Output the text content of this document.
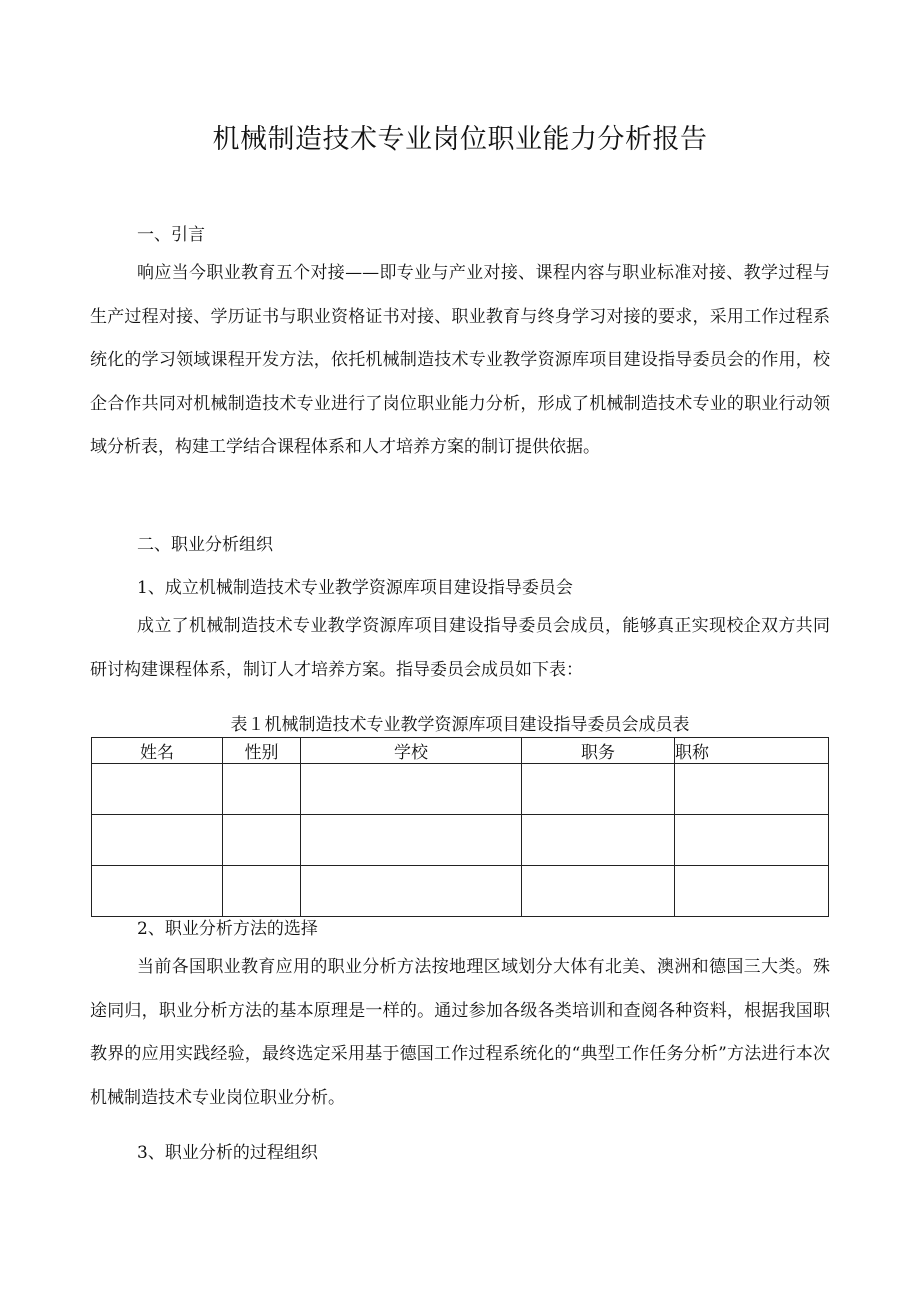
机械制造技术专业岗位职业能力分析报告

一、引言

响应当今职业教育五个对接——即专业与产业对接、课程内容与职业标准对接、教学过程与生产过程对接、学历证书与职业资格证书对接、职业教育与终身学习对接的要求，采用工作过程系统化的学习领域课程开发方法，依托机械制造技术专业教学资源库项目建设指导委员会的作用，校企合作共同对机械制造技术专业进行了岗位职业能力分析，形成了机械制造技术专业的职业行动领域分析表，构建工学结合课程体系和人才培养方案的制订提供依据。

二、职业分析组织

1、成立机械制造技术专业教学资源库项目建设指导委员会

成立了机械制造技术专业教学资源库项目建设指导委员会成员，能够真正实现校企双方共同研讨构建课程体系，制订人才培养方案。指导委员会成员如下表：

表１机械制造技术专业教学资源库项目建设指导委员会成员表

姓名	性别	学校	职务	职称

2、职业分析方法的选择

当前各国职业教育应用的职业分析方法按地理区域划分大体有北美、澳洲和德国三大类。殊途同归，职业分析方法的基本原理是一样的。通过参加各级各类培训和查阅各种资料，根据我国职教界的应用实践经验，最终选定采用基于德国工作过程系统化的“典型工作任务分析”方法进行本次机械制造技术专业岗位职业分析。

3、职业分析的过程组织
